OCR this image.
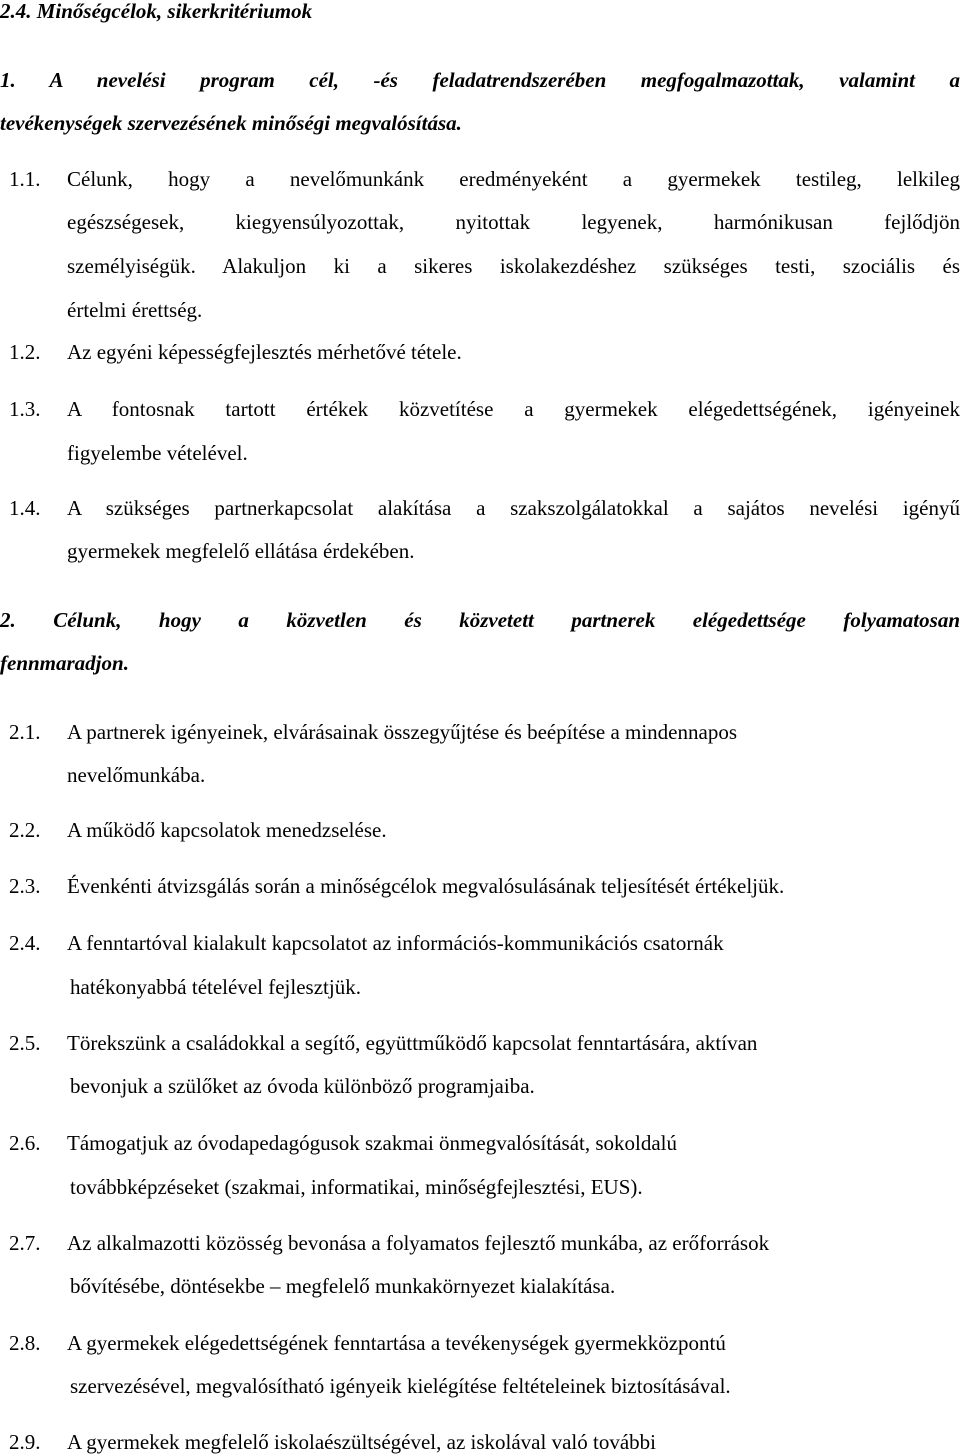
2.4. Minőségcélok, sikerkritériumok
1. A nevelési program cél, -és feladatrendszerében megfogalmazottak, valamint a
tevékenységek szervezésének minőségi megvalósítása.
1.1. Célunk, hogy a nevelőmunkánk eredményeként a gyermekek testileg, lelkileg
egészségesek, kiegyensúlyozottak, nyitottak legyenek, harmónikusan fejlődjön
személyiségük. Alakuljon ki a sikeres iskolakezdéshez szükséges testi, szociális és
értelmi érettség.
1.2. Az egyéni képességfejlesztés mérhetővé tétele.
1.3. A fontosnak tartott értékek közvetítése a gyermekek elégedettségének, igényeinek
figyelembe vételével.
1.4. A szükséges partnerkapcsolat alakítása a szakszolgálatokkal a sajátos nevelési igényű
gyermekek megfelelő ellátása érdekében.
2. Célunk, hogy a közvetlen és közvetett partnerek elégedettsége folyamatosan
fennmaradjon.
2.1. A partnerek igényeinek, elvárásainak összegyűjtése és beépítése a mindennapos
nevelőmunkába.
2.2. A működő kapcsolatok menedzselése.
2.3. Évenkénti átvizsgálás során a minőségcélok megvalósulásának teljesítését értékeljük.
2.4. A fenntartóval kialakult kapcsolatot az információs-kommunikációs csatornák
hatékonyabbá tételével fejlesztjük.
2.5. Törekszünk a családokkal a segítő, együttműködő kapcsolat fenntartására, aktívan
bevonjuk a szülőket az óvoda különböző programjaiba.
2.6. Támogatjuk az óvodapedagógusok szakmai önmegvalósítását, sokoldalú
továbbképzéseket (szakmai, informatikai, minőségfejlesztési, EUS).
2.7. Az alkalmazotti közösség bevonása a folyamatos fejlesztő munkába, az erőforrások
bővítésébe, döntésekbe – megfelelő munkakörnyezet kialakítása.
2.8. A gyermekek elégedettségének fenntartása a tevékenységek gyermekközpontú
szervezésével, megvalósítható igényeik kielégítése feltételeinek biztosításával.
2.9. A gyermekek megfelelő iskolaészültségével, az iskolával való további
